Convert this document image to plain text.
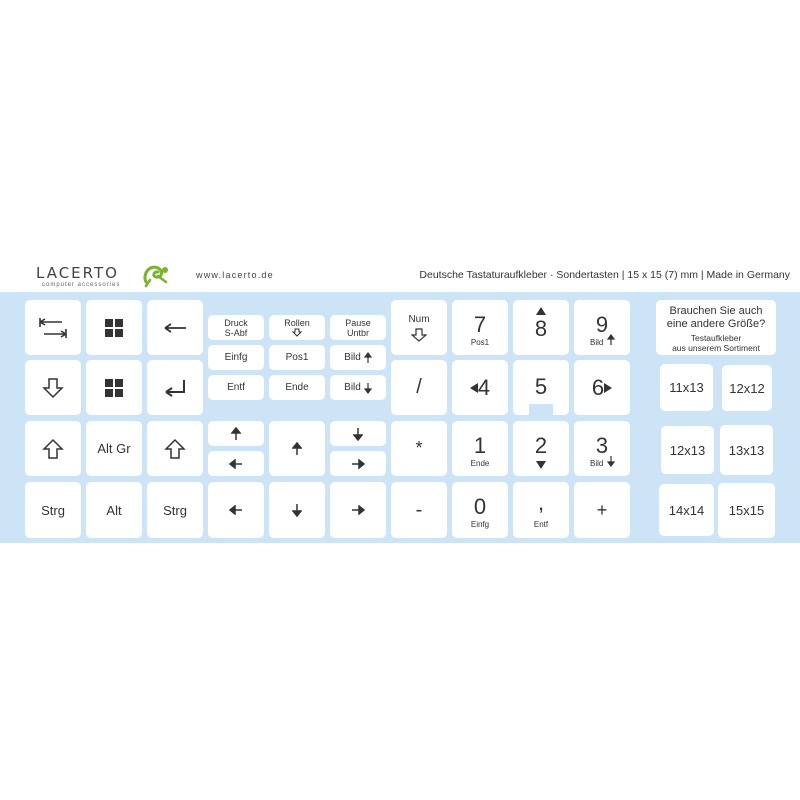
LACERTO
computer accessories
www.lacerto.de	Deutsche Tastaturaufkleber · Sondertasten | 15 x 15 (7) mm | Made in Germany
Strg
Alt Gr
Alt	Strg
Druck
S-Abf
Rollen	Pause
Untbr
Einfg	Pos1	Bild
Entf	Ende	Bild
Num
/
*
-
7
Pos1
4
1
Ende
0
Einfg
8
5
2
,
Entf
9
Bild
6
3
Bild
+
Brauchen Sie auch
eine andere Größe?
Testaufkleber
aus unserem Sortiment
11x13	12x12
12x13	13x13
14x14	15x15
